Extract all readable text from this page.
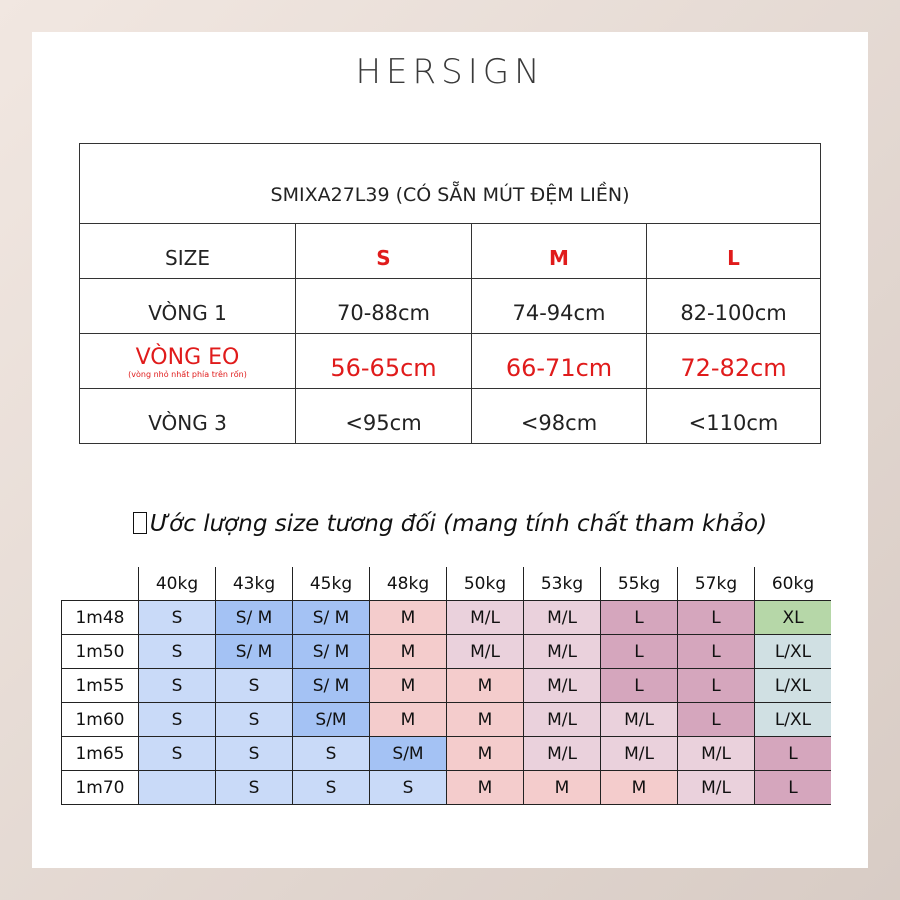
HERSIGN
SMIXA27L39 (CÓ SẴN MÚT ĐỆM LIỀN)			
SIZE	S	M	L
VÒNG 1	70-88cm	74-94cm	82-100cm

VÒNG EO
(vòng nhỏ nhất phía trên rốn)	56-65cm	66-71cm	72-82cm
VÒNG 3	<95cm	<98cm	<110cm
Ước lượng size tương đối (mang tính chất tham khảo)
	40kg	43kg	45kg	48kg	50kg	53kg	55kg	57kg	60kg
1m48	S	S/ M	S/ M	M	M/L	M/L	L	L	XL
1m50	S	S/ M	S/ M	M	M/L	M/L	L	L	L/XL
1m55	S	S	S/ M	M	M	M/L	L	L	L/XL
1m60	S	S	S/M	M	M	M/L	M/L	L	L/XL
1m65	S	S	S	S/M	M	M/L	M/L	M/L	L
1m70		S	S	S	M	M	M	M/L	L
